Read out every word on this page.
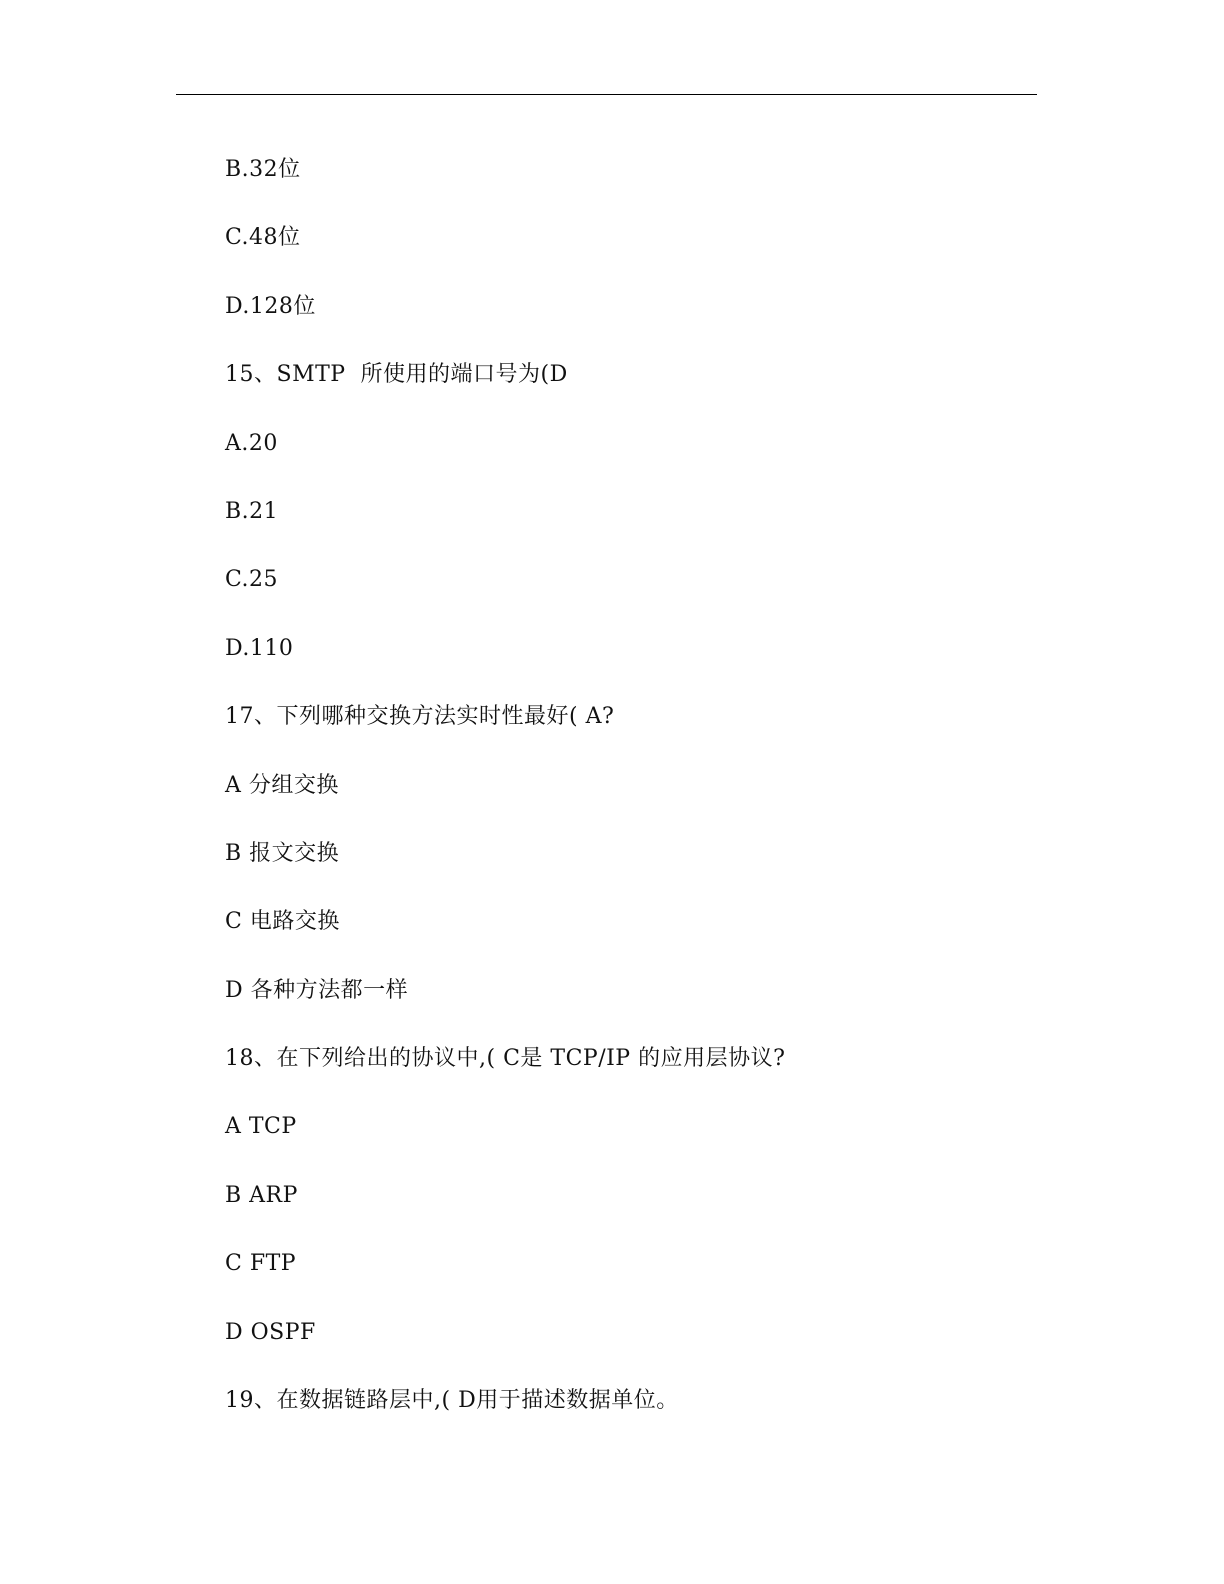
B.32位
C.48位
D.128位
15、SMTP  所使用的端口号为(D
A.20
B.21
C.25
D.110
17、下列哪种交换方法实时性最好( A?
A 分组交换
B 报文交换
C 电路交换
D 各种方法都一样
18、在下列给出的协议中,( C是 TCP/IP 的应用层协议?
A TCP
B ARP
C FTP
D OSPF
19、在数据链路层中,( D用于描述数据单位。
